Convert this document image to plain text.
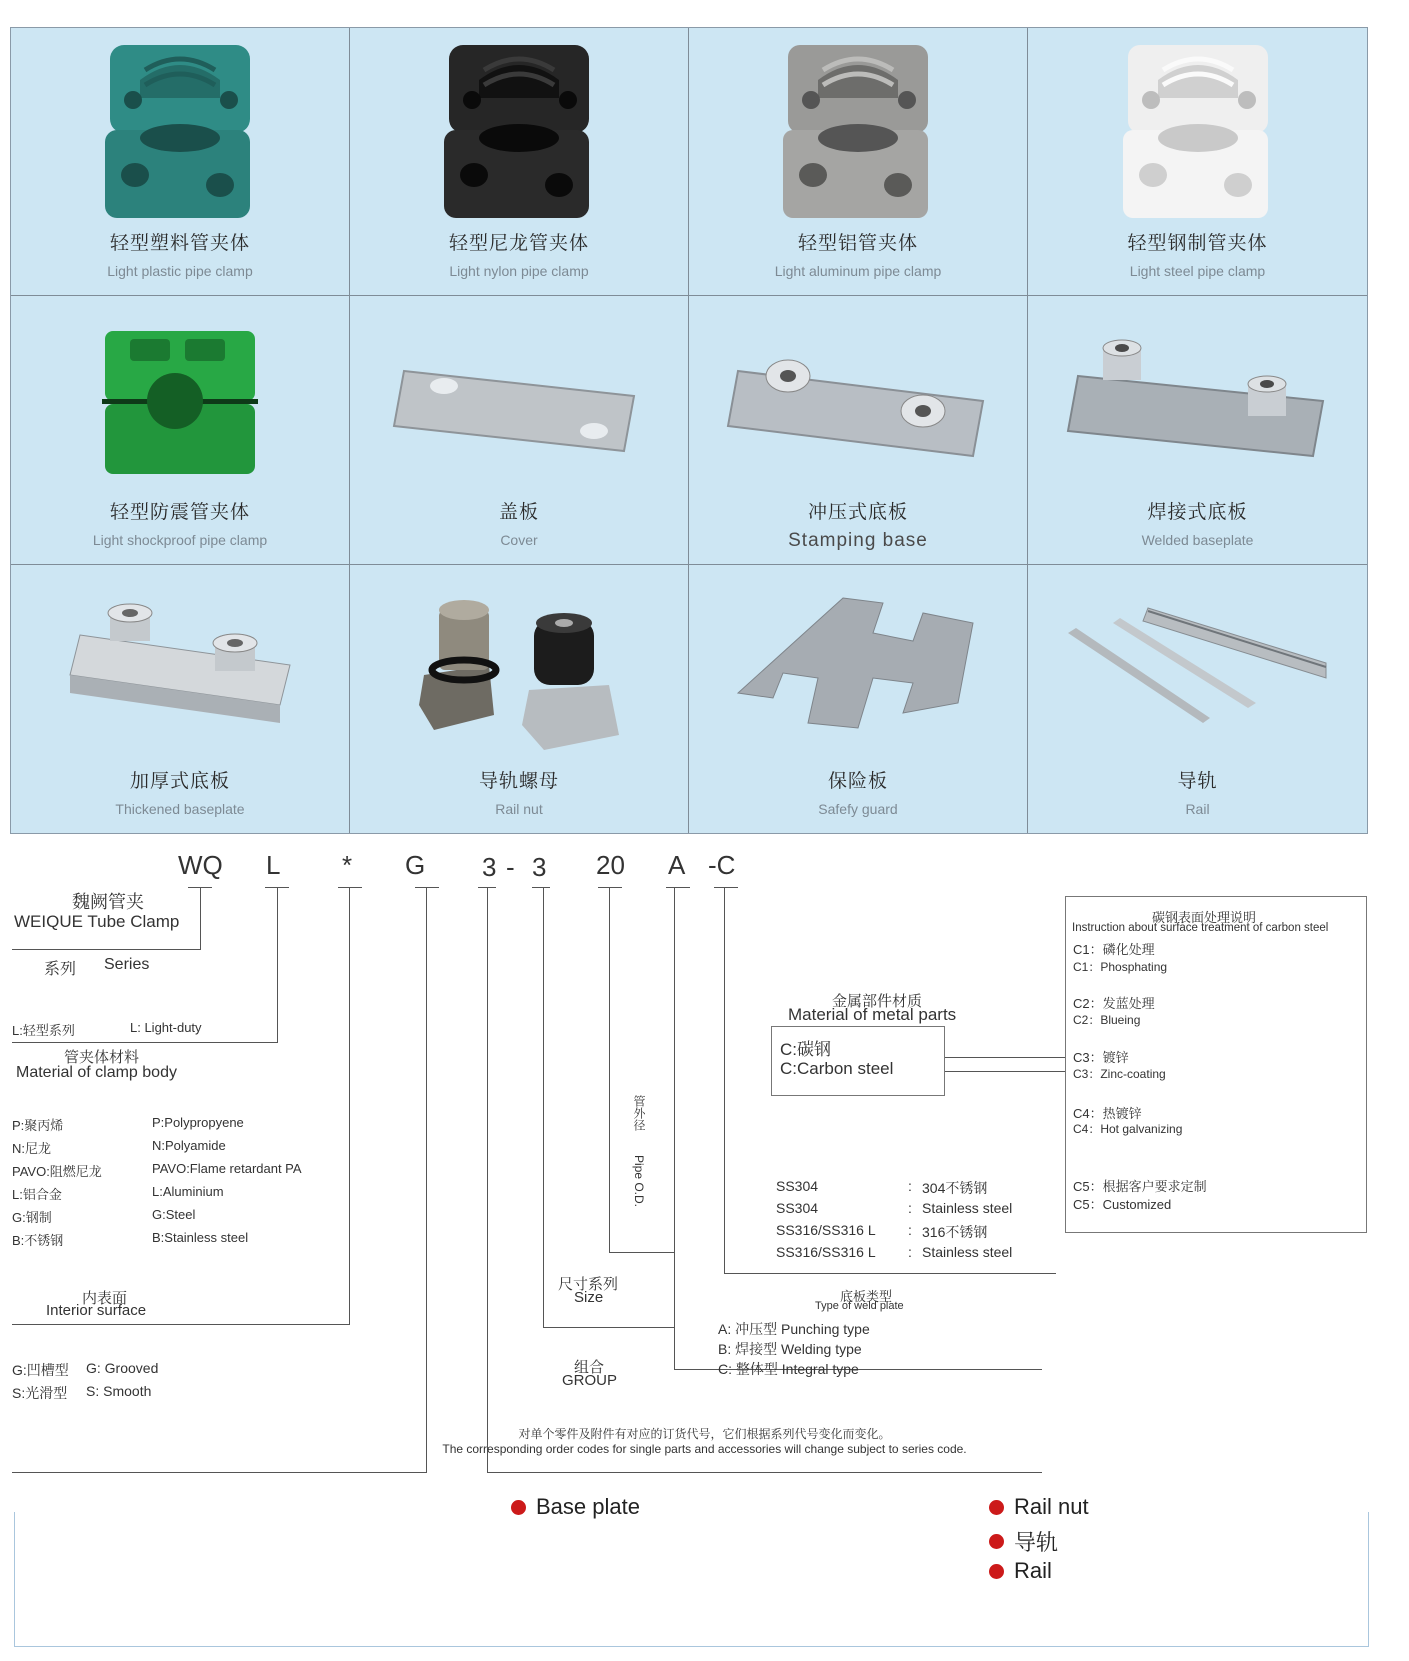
轻型塑料管夹体
Light plastic pipe clamp
轻型尼龙管夹体
Light nylon pipe clamp
轻型铝管夹体
Light aluminum pipe clamp
轻型钢制管夹体
Light steel pipe clamp
轻型防震管夹体
Light shockproof pipe clamp
盖板
Cover
冲压式底板
Stamping base
焊接式底板
Welded baseplate
加厚式底板
Thickened baseplate
导轨螺母
Rail nut
保险板
Safefy guard
导轨
Rail
WQ L * G 3 - 3 20 A -C
魏阙管夹
WEIQUE Tube Clamp
系列 Series
L:轻型系列	L: Light-duty
管夹体材料
Material of clamp body
P:聚丙烯	P:Polypropyene
N:尼龙	N:Polyamide
PAVO:阻燃尼龙	PAVO:Flame retardant PA
L:铝合金	L:Aluminium
G:钢制	G:Steel
B:不锈钢	B:Stainless steel
内表面
Interior surface
G:凹槽型 G: Grooved
S:光滑型 S: Smooth
组合
GROUP
尺寸系列
Size
管外径
Pipe O.D.
底板类型
Type of weld plate
A: 冲压型 Punching type
B: 焊接型 Welding type
C: 整体型 Integral type
金属部件材质
Material of metal parts
C:碳钢
C:Carbon steel
SS304	: 304不锈钢
SS304	: Stainless steel
SS316/SS316 L : 316不锈钢
SS316/SS316 L : Stainless steel
碳钢表面处理说明
Instruction about surface treatment of carbon steel
C1：磷化处理
C1：Phosphating
C2：发蓝处理
C2：Blueing
C3：镀锌
C3：Zinc-coating
C4：热镀锌
C4：Hot galvanizing
C5：根据客户要求定制
C5：Customized
对单个零件及附件有对应的订货代号，它们根据系列代号变化而变化。
The corresponding order codes for single parts and accessories will change subject to series code.
Base plate	Rail nut
导轨
Rail
